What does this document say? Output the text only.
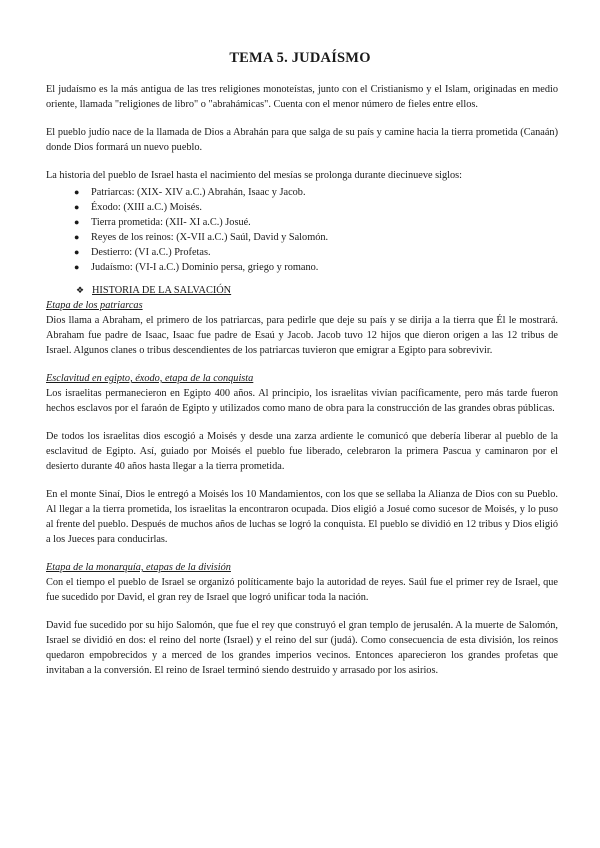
TEMA 5. JUDAÍSMO

El judaísmo es la más antigua de las tres religiones monoteístas, junto con el Cristianismo y el Islam, originadas en medio oriente, llamada "religiones de libro" o "abrahámicas". Cuenta con el menor número de fieles entre ellos.

El pueblo judío nace de la llamada de Dios a Abrahán para que salga de su país y camine hacia la tierra prometida (Canaán) donde Dios formará un nuevo pueblo.

La historia del pueblo de Israel hasta el nacimiento del mesías se prolonga durante diecinueve siglos:

● Patriarcas: (XIX- XIV a.C.) Abrahán, Isaac y Jacob.
● Éxodo: (XIII a.C.) Moisés.
● Tierra prometida: (XII- XI a.C.) Josué.
● Reyes de los reinos: (X-VII a.C.) Saúl, David y Salomón.
● Destierro: (VI a.C.) Profetas.
● Judaísmo: (VI-I a.C.) Dominio persa, griego y romano.
❖ HISTORIA DE LA SALVACIÓN

Etapa de los patriarcas

Dios llama a Abraham, el primero de los patriarcas, para pedirle que deje su país y se dirija a la tierra que Él le mostrará. Abraham fue padre de Isaac, Isaac fue padre de Esaú y Jacob. Jacob tuvo 12 hijos que dieron origen a las 12 tribus de Israel. Algunos clanes o tribus descendientes de los patriarcas tuvieron que emigrar a Egipto para sobrevivir.

Esclavitud en egipto, éxodo, etapa de la conquista

Los israelitas permanecieron en Egipto 400 años. Al principio, los israelitas vivían pacíficamente, pero más tarde fueron hechos esclavos por el faraón de Egipto y utilizados como mano de obra para la construcción de las grandes obras públicas.

De todos los israelitas dios escogió a Moisés y desde una zarza ardiente le comunicó que debería liberar al pueblo de la esclavitud de Egipto. Así, guiado por Moisés el pueblo fue liberado, celebraron la primera Pascua y caminaron por el desierto durante 40 años hasta llegar a la tierra prometida.

En el monte Sinaí, Dios le entregó a Moisés los 10 Mandamientos, con los que se sellaba la Alianza de Dios con su Pueblo. Al llegar a la tierra prometida, los israelitas la encontraron ocupada. Dios eligió a Josué como sucesor de Moisés, y lo puso al frente del pueblo. Después de muchos años de luchas se logró la conquista. El pueblo se dividió en 12 tribus y Dios eligió a los Jueces para conducirlas.

Etapa de la monarquía, etapas de la división

Con el tiempo el pueblo de Israel se organizó políticamente bajo la autoridad de reyes. Saúl fue el primer rey de Israel, que fue sucedido por David, el gran rey de Israel que logró unificar toda la nación.

David fue sucedido por su hijo Salomón, que fue el rey que construyó el gran templo de jerusalén. A la muerte de Salomón, Israel se dividió en dos: el reino del norte (Israel) y el reino del sur (judá). Como consecuencia de esta división, los reinos quedaron empobrecidos y a merced de los grandes imperios vecinos. Entonces aparecieron los grandes profetas que invitaban a la conversión. El reino de Israel terminó siendo destruido y arrasado por los asirios.
